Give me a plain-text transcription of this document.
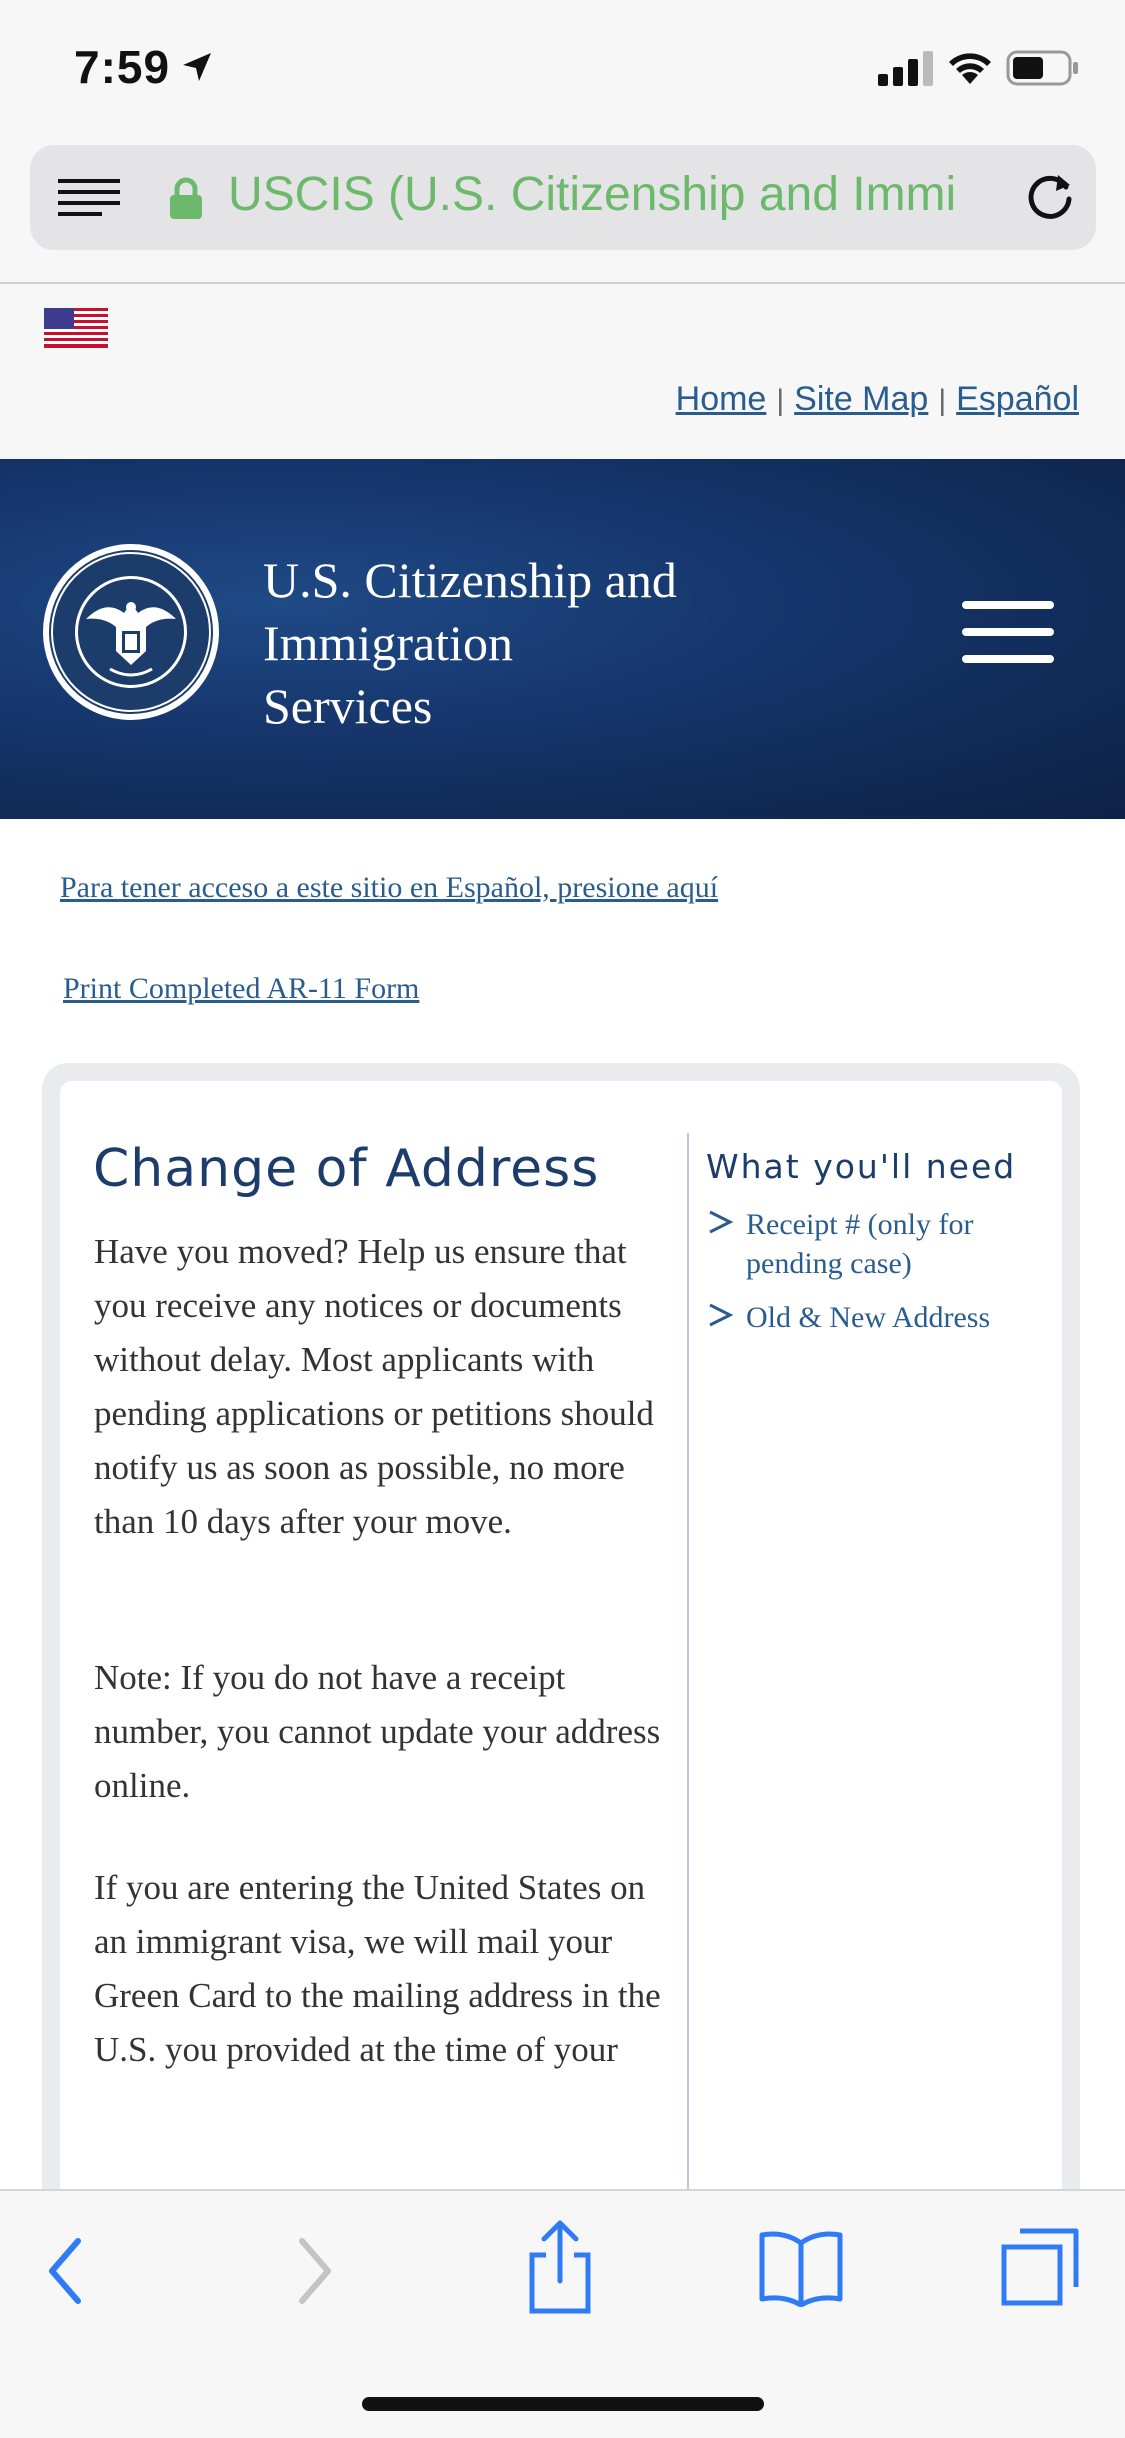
7:59
USCIS (U.S. Citizenship and Immi
Home | Site Map | Español
U.S. Citizenship and
Immigration
Services
Para tener acceso a este sitio en Español, presione aquí
Print Completed AR-11 Form
Change of Address
Have you moved? Help us ensure that you receive any notices or documents without delay. Most applicants with pending applications or petitions should notify us as soon as possible, no more than 10 days after your move.
Note: If you do not have a receipt number, you cannot update your address online.
If you are entering the United States on an immigrant visa, we will mail your Green Card to the mailing address in the U.S. you provided at the time of your
What you'll need
Receipt # (only for pending case)
Old & New Address
